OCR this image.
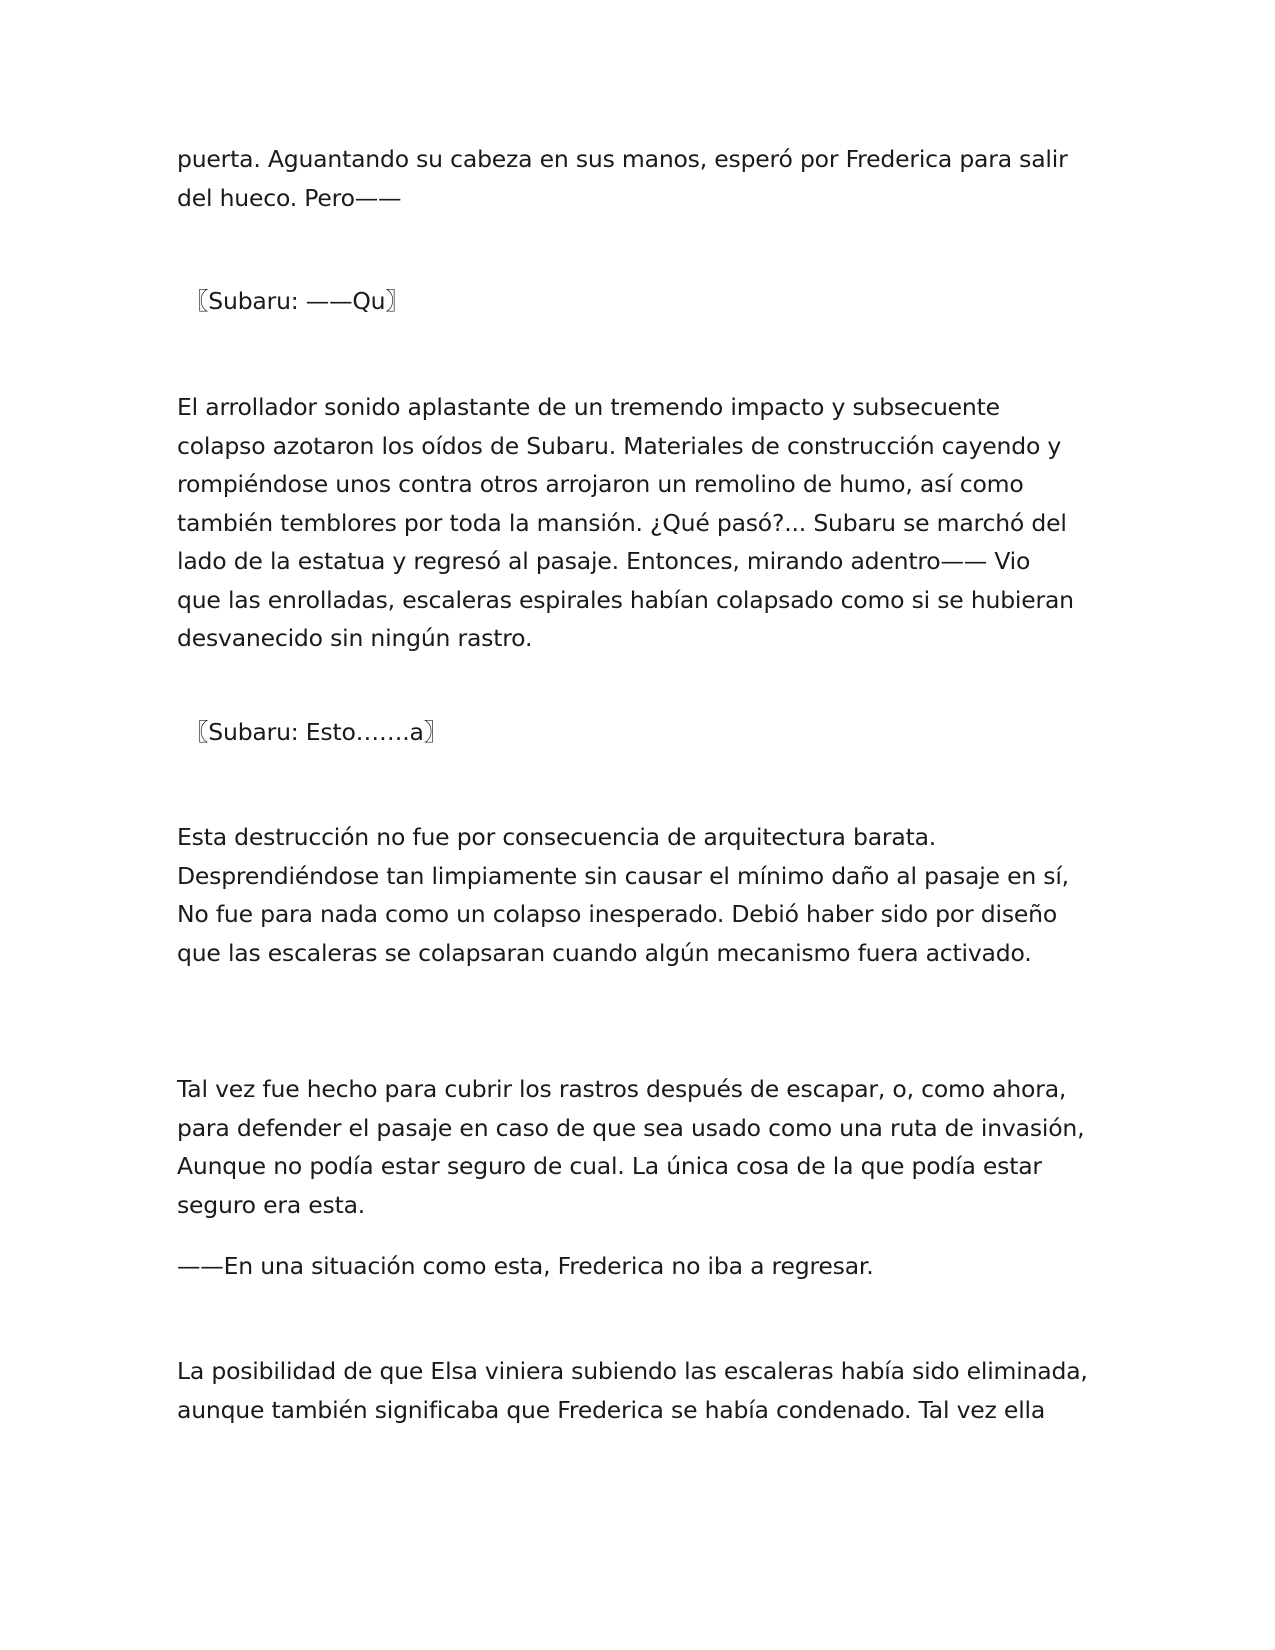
puerta. Aguantando su cabeza en sus manos, esperó por Frederica para salir
del hueco. Pero——
〖Subaru: ——Qu〗
El arrollador sonido aplastante de un tremendo impacto y subsecuente
colapso azotaron los oídos de Subaru. Materiales de construcción cayendo y
rompiéndose unos contra otros arrojaron un remolino de humo, así como
también temblores por toda la mansión. ¿Qué pasó?... Subaru se marchó del
lado de la estatua y regresó al pasaje. Entonces, mirando adentro—— Vio
que las enrolladas, escaleras espirales habían colapsado como si se hubieran
desvanecido sin ningún rastro.
〖Subaru: Esto…….a〗
Esta destrucción no fue por consecuencia de arquitectura barata.
Desprendiéndose tan limpiamente sin causar el mínimo daño al pasaje en sí,
No fue para nada como un colapso inesperado. Debió haber sido por diseño
que las escaleras se colapsaran cuando algún mecanismo fuera activado.
Tal vez fue hecho para cubrir los rastros después de escapar, o, como ahora,
para defender el pasaje en caso de que sea usado como una ruta de invasión,
Aunque no podía estar seguro de cual. La única cosa de la que podía estar
seguro era esta.
——En una situación como esta, Frederica no iba a regresar.
La posibilidad de que Elsa viniera subiendo las escaleras había sido eliminada,
aunque también significaba que Frederica se había condenado. Tal vez ella
